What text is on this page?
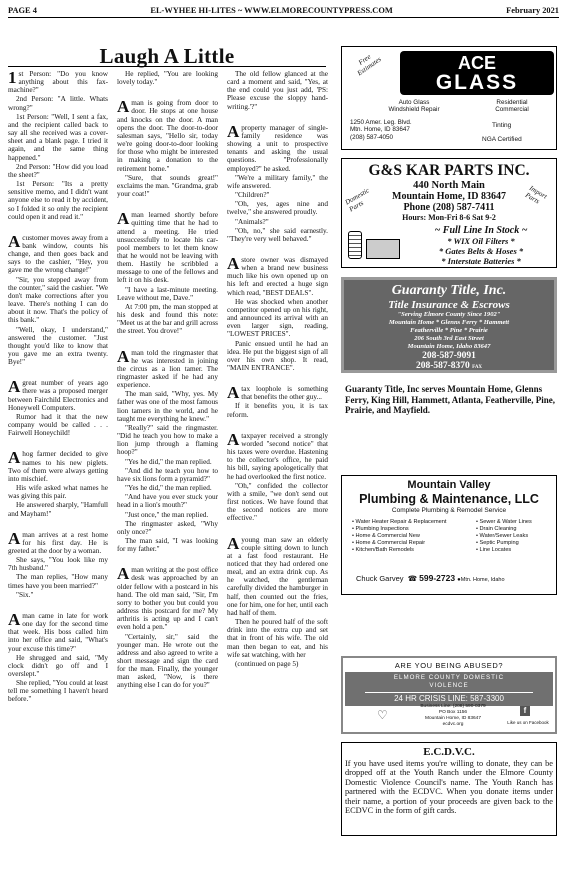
PAGE 4	EL-WYHEE HI-LITES ~ WWW.ELMORECOUNTYPRESS.COM	February 2021
Laugh A Little

1 st Person: "Do you know anything about this fax-machine?"

2nd Person: "A little. Whats wrong?"

1st Person: "Well, I sent a fax, and the recipient called back to say all she received was a cover-sheet and a blank page. I tried it again, and the same thing happened."

2nd Person: "How did you load the sheet?"

1st Person: "Its a pretty sensitive memo, and I didn't want anyone else to read it by accident, so I folded it so only the recipient could open it and read it."

A customer moves away from a bank window, counts his change, and then goes back and says to the cashier, "Hey, you gave me the wrong change!"

"Sir, you stepped away from the counter," said the cashier. "We don't make corrections after you leave. There's nothing I can do about it now. That's the policy of this bank."

"Well, okay, I understand," answered the customer. "Just thought you'd like to know that you gave me an extra twenty. Bye!"

A great number of years ago there was a proposed merger between Fairchild Electronics and Honeywell Computers.

Rumor had it that the new company would be called . . . Fairwell Honeychild!

A hog farmer decided to give names to his new piglets. Two of them were always getting into mischief.

His wife asked what names he was giving this pair.

He answered sharply, "Hamfull and Mayham!"

A man arrives at a rest home for his first day. He is greeted at the door by a woman.

She says, "You look like my 7th husband."

The man replies, "How many times have you been married?"

"Six."

A man came in late for work one day for the second time that week. His boss called him into her office and said, "What's your excuse this time?"

He shrugged and said, "My clock didn't go off and I overslept."

She replied, "You could at least tell me something I haven't heard before."

He replied, "You are looking lovely today."

A man is going from door to door. He stops at one house and knocks on the door. A man opens the door. The door-to-door salesman says, "Hello sir, today we're going door-to-door looking for those who might be interested in making a donation to the retirement home."

"Sure, that sounds great!" exclaims the man. "Grandma, grab your coat!"

A man learned shortly before quitting time that he had to attend a meeting. He tried unsuccessfully to locate his car-pool members to let them know that he would not be leaving with them. Hastily he scribbled a message to one of the fellows and left it on his desk.

"I have a last-minute meeting. Leave without me, Dave."

At 7:00 pm, the man stopped at his desk and found this note: "Meet us at the bar and grill across the street. You drove!"

A man told the ringmaster that he was interested in joining the circus as a lion tamer. The ringmaster asked if he had any experience.

The man said, "Why, yes. My father was one of the most famous lion tamers in the world, and he taught me everything he knew."

"Really?" said the ringmaster. "Did he teach you how to make a lion jump through a flaming hoop?"

"Yes he did," the man replied.

"And did he teach you how to have six lions form a pyramid?"

"Yes he did," the man replied.

"And have you ever stuck your head in a lion's mouth?"

"Just once," the man replied.

The ringmaster asked, "Why only once?"

The man said, "I was looking for my father."

A man writing at the post office desk was approached by an older fellow with a postcard in his hand. The old man said, "Sir, I'm sorry to bother you but could you address this postcard for me? My arthritis is acting up and I can't even hold a pen."

"Certainly, sir," said the younger man. He wrote out the address and also agreed to write a short message and sign the card for the man. Finally, the younger man asked, "Now, is there anything else I can do for you?"

The old fellow glanced at the card a moment and said, "Yes, at the end could you just add, 'PS: Please excuse the sloppy hand-writing.'?"

A property manager of single-family residence was showing a unit to prospective tenants and asking the usual questions. "Professionally employed?" he asked.

"We're a military family," the wife answered.

"Children?"

"Oh, yes, ages nine and twelve," she answered proudly.

"Animals?"

"Oh, no," she said earnestly. "They're very well behaved."

A store owner was dismayed when a brand new business much like his own opened up on his left and erected a huge sign which read, "BEST DEALS".

He was shocked when another competitor opened up on his right, and announced its arrival with an even larger sign, reading, "LOWEST PRICES".

Panic ensued until he had an idea. He put the biggest sign of all over his own shop. It read, "MAIN ENTRANCE".

A tax loophole is something that benefits the other guy...

If it benefits you, it is tax reform.

A taxpayer received a strongly worded "second notice" that his taxes were overdue. Hastening to the collector's office, he paid his bill, saying apologetically that he had overlooked the first notice.

"Oh," confided the collector with a smile, "we don't send out first notices. We have found that the second notices are more effective."

A young man saw an elderly couple sitting down to lunch at a fast food restaurant. He noticed that they had ordered one meal, and an extra drink cup. As he watched, the gentleman carefully divided the hamburger in half, then counted out the fries, one for him, one for her, until each had half of them.

Then he poured half of the soft drink into the extra cup and set that in front of his wife. The old man then began to eat, and his wife sat watching, with her

(continued on page 5)

Free Estimates	ACE
GLASS
Auto Glass
Windshield Repair
Residential
Commercial
1250 Amer. Leg. Blvd.
Mtn. Home, ID 83647
(208) 587-4050
Tinting
NGA Certified
G&S KAR PARTS INC.
440 North Main
Mountain Home, ID 83647
Phone (208) 587-7411
Hours: Mon-Fri 8-6 Sat 9-2
Domestic Parts
Import Parts
~ Full Line In Stock ~
* WIX Oil Filters *
* Gates Belts & Hoses *
* Interstate Batteries *
Guaranty Title, Inc.
Title Insurance & Escrows
"Serving Elmore County Since 1902"
Mountain Home * Glenns Ferry * Hammett
Featherville * Pine * Prairie
206 South 3rd East Street
Mountain Home, Idaho 83647
208-587-9091
208-587-8370 FAX
Guaranty Title, Inc serves Mountain Home, Glenns Ferry, King Hill, Hammett, Atlanta, Featherville, Pine, Prairie, and Mayfield.
Mountain Valley
Plumbing & Maintenance, LLC
Complete Plumbing & Remodel Service
• Water Heater Repair & Replacement
• Plumbing Inspections
• Home & Commercial New
• Home & Commercial Repair
• Kitchen/Bath Remodels
• Sewer & Water Lines
• Drain Cleaning
• Water/Sewer Leaks
• Septic Pumping
• Line Locates
Chuck Garvey ☎ 599-2723 ●Mtn. Home, Idaho
ARE YOU BEING ABUSED?
ELMORE COUNTY DOMESTIC VIOLENCE
24 HR CRISIS LINE: 587-3300
Business Line: (208) 590-0379
PO Box 1156
Mountain Home, ID 83647
ecdvc.org
♡	f
Like us on Facebook
E.C.D.V.C.
If you have used items you're willing to donate, they can be dropped off at the Youth Ranch under the Elmore County Domestic Violence Council's name. The Youth Ranch has partnered with the ECDVC. When you donate items under their name, a portion of your proceeds are given back to the ECDVC in the form of gift cards.
